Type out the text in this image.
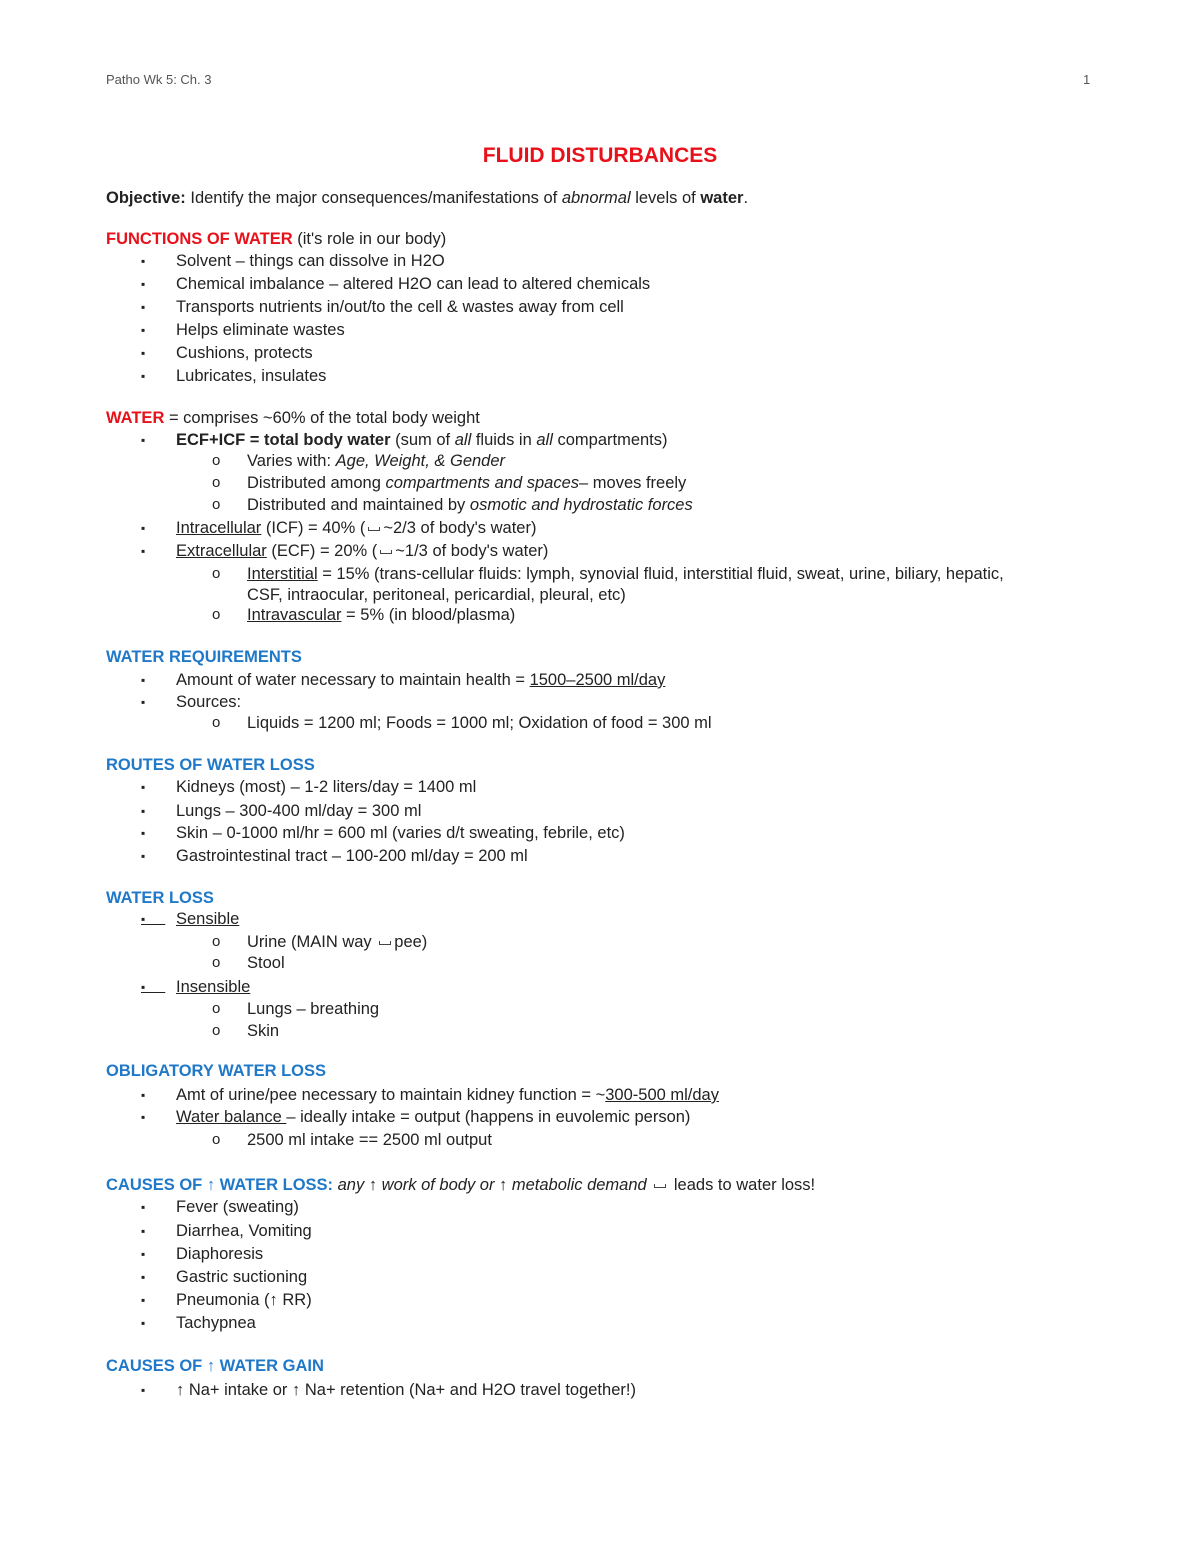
Patho Wk 5: Ch. 3	1
FLUID DISTURBANCES
Objective: Identify the major consequences/manifestations of abnormal levels of water.
FUNCTIONS OF WATER (it's role in our body)
▪ Solvent – things can dissolve in H2O
▪ Chemical imbalance – altered H2O can lead to altered chemicals
▪ Transports nutrients in/out/to the cell & wastes away from cell
▪ Helps eliminate wastes
▪ Cushions, protects
▪ Lubricates, insulates
WATER = comprises ~60% of the total body weight
▪ ECF+ICF = total body water (sum of all fluids in all compartments)
o Varies with: Age, Weight, & Gender
o Distributed among compartments and spaces– moves freely
o Distributed and maintained by osmotic and hydrostatic forces
▪ Intracellular (ICF) = 40% ( ~2/3 of body's water)
▪ Extracellular (ECF) = 20% ( ~1/3 of body's water)
o Interstitial = 15% (trans-cellular fluids: lymph, synovial fluid, interstitial fluid, sweat, urine, biliary, hepatic,
CSF, intraocular, peritoneal, pericardial, pleural, etc)
o Intravascular = 5% (in blood/plasma)
WATER REQUIREMENTS
▪ Amount of water necessary to maintain health = 1500–2500 ml/day
▪ Sources:
o Liquids = 1200 ml; Foods = 1000 ml; Oxidation of food = 300 ml
ROUTES OF WATER LOSS
▪ Kidneys (most) – 1-2 liters/day = 1400 ml
▪ Lungs – 300-400 ml/day = 300 ml
▪ Skin – 0-1000 ml/hr = 600 ml (varies d/t sweating, febrile, etc)
▪ Gastrointestinal tract – 100-200 ml/day = 200 ml
WATER LOSS
▪ Sensible
o Urine (MAIN way pee)
o Stool
▪ Insensible
o Lungs – breathing
o Skin
OBLIGATORY WATER LOSS
▪ Amt of urine/pee necessary to maintain kidney function = ~300-500 ml/day
▪ Water balance – ideally intake = output (happens in euvolemic person)
o 2500 ml intake == 2500 ml output
CAUSES OF ↑ WATER LOSS: any ↑ work of body or ↑ metabolic demand leads to water loss!
▪ Fever (sweating)
▪ Diarrhea, Vomiting
▪ Diaphoresis
▪ Gastric suctioning
▪ Pneumonia (↑ RR)
▪ Tachypnea
CAUSES OF ↑ WATER GAIN
▪ ↑ Na+ intake or ↑ Na+ retention (Na+ and H2O travel together!)
